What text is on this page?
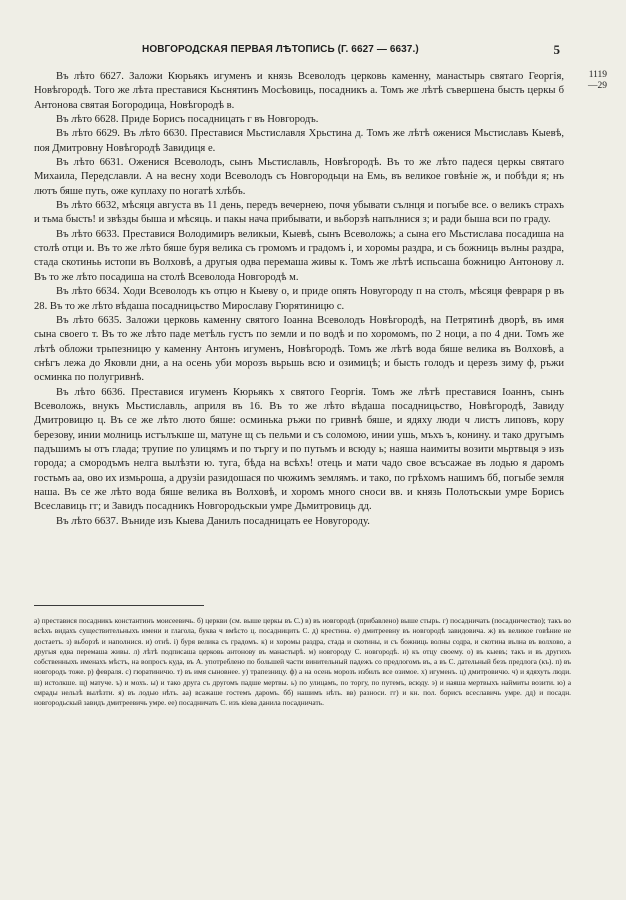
НОВГОРОДСКАЯ ПЕРВАЯ ЛѢТОПИСЬ (Г. 6627 — 6637.)	5
1119
—29

Въ лѣто 6627. Заложи Кюрьякъ игуменъ и князь Всеволодъ церковь каменну, манастырь святаго Георгія, Новѣгородѣ. Того же лѣта преставися Кьснятинъ Мосѣовиць, посадникъ а. Томъ же лѣтѣ съвершена бысть церкы б Антонова святая Богородица, Новѣгородѣ в.

Въ лѣто 6628. Приде Борисъ посадницать г въ Новгородъ.

Въ лѣто 6629. Въ лѣто 6630. Преставися Мьстиславля Хрьстина д. Томъ же лѣтѣ оженися Мьстиславъ Кыевѣ, поя Дмитровну Новѣгородѣ Завидиця е.

Въ лѣто 6631. Оженися Всеволодъ, сынъ Мьстиславль, Новѣгородѣ. Въ то же лѣто падеся церкы святаго Михаила, Передславли. А на весну ходи Всеволодъ съ Новгородьци на Емь, въ великое говѣніе ж, и побѣди я; нъ лютъ бяше путь, оже куплаху по ногатѣ хлѣбъ.

Въ лѣто 6632, мѣсяця августа въ 11 день, передъ вечернею, почя убывати сълнця и погыбе все. о великъ страхъ и тьма бысть! и звѣзды быша и мѣсяць. и пакы нача прибывати, и вьборзѣ напълнися з; и ради быша вси по граду.

Въ лѣто 6633. Преставися Володимиръ великыи, Кыевѣ, сынъ Всеволожь; а сына его Мьстислава посадиша на столѣ отци и. Въ то же лѣто бяше буря велика съ громомъ и градомъ і, и хоромы раздра, и съ божниць вълны раздра, стада скотиньь истопи въ Волховѣ, а другыя одва перемаша живы к. Томъ же лѣтѣ испьсаша божницю Антонову л. Въ то же лѣто посадиша на столѣ Всеволода Новгородѣ м.

Въ лѣто 6634. Ходи Всеволодъ къ отцю н Кыеву о, и приде опять Новугороду п на столъ, мѣсяця февраря р въ 28. Въ то же лѣто вѣдаша посадницьство Мирославу Гюрятиницю с.

Въ лѣто 6635. Заложи церковь каменну святого Іоанна Всеволодъ Новѣгородѣ, на Петрятинѣ дворѣ, въ имя сына своего т. Въ то же лѣто паде метѣль густъ по земли и по водѣ и по хоромомъ, по 2 ноци, а по 4 дни. Томъ же лѣтѣ обложи трьпезницю у каменну Антонъ игуменъ, Новѣгородѣ. Томъ же лѣтѣ вода бяше велика въ Волховѣ, а снѣгъ лежа до Яковли дни, а на осень уби морозъ вьрьшь всю и озимицѣ; и бысть голодъ и церезъ зиму ф, ръжи осминка по полугривнѣ.

Въ лѣто 6636. Преставися игуменъ Кюрьякъ х святого Георгія. Томъ же лѣтѣ преставися Іоаннъ, сынъ Всеволожь, внукъ Мьстиславль, априля въ 16. Въ то же лѣто вѣдаша посадницьство, Новѣгородѣ, Завиду Дмитровицю ц. Въ се же лѣто люто бяше: осминька ръжи по гривнѣ бяше, и ядяху люди ч листъ липовъ, кору березову, инии молниць истълъкше ш, матуне щ съ пельми и съ соломою, инии ушь, мъхъ ъ, конину. и тако другымъ падъшимъ ы отъ глада; трупие по улицямъ и по търгу и по путьмъ и всюду ь; наяша наимиты возити мьртвьця э изъ города; а смородъмъ нелга вылѣзти ю. туга, бѣда на всѣхъ! отець и мати чадо свое всъсажае въ лодью я даромъ гостьмъ аа, ово их измьроша, а друзіи разидошася по чюжимъ землямъ. и тако, по грѣхомъ нашимъ бб, погыбе земля наша. Въ се же лѣто вода бяше велика въ Волховѣ, и хоромъ много сноси вв. и князь Полотьскыи умре Борисъ Всеславиць гг; и Завидъ посадникъ Новгородьскыи умре Дьмитровиць дд.

Въ лѣто 6637. Въниде изъ Кыева Данилъ посадницать ее Новугороду.

а) преставися посадникъ константинъ моисеевичь. б) церкви (см. выше церкы въ С.) в) въ новгородѣ (прибавлено) выше стырь. г) посадничать (посадничество); такъ во всѣхъ видахъ существительныхъ имени и глагола, буква ч вмѣсто ц. посадницить С. д) крестина. е) дмитреевну въ новгородѣ завидовича. ж) въ великое говѣние не достаетъ. з) вьборзѣ и наполнися. и) отнѣ. і) буря велика съ градомъ. к) и хоромы раздра, стада и скотины, и съ божниць волны содра, и скотина вълна въ волхово, а другыя едва перемаша живы. л) лѣтѣ подписаша церковь антонову въ манастырѣ. м) новгороду С. новгородѣ. н) къ отцу своему. о) въ кыевъ; такъ и въ другихъ собственныхъ именахъ мѣстъ, на вопросъ куда, въ А. употреблено по большей части винительный падежъ со предлогомъ въ, а въ С. дательный безъ предлога (къ). п) въ новгородъ тоже. р) февраля. с) гюратиничю. т) въ имя сыновнее. у) трапезницу. ф) а на осень морозъ избилъ все озимое. х) игуменъ. ц) дмитровичю. ч) и ядяхуть люди. ш) истолкше. щ) матуче. ъ) и мохъ. ы) и тако друга съ другомъ падше мертвы. ь) по улицамъ, по торгу, по путемъ, всюду. э) и наяша мертвыхъ наймиты возити. ю) а смрады нельзѣ вылѣзти. я) въ лодью нѣть. аа) всажаше гостемъ даромъ. бб) нашимъ нѣть. вв) разноси. гг) и кн. пол. борисъ всеславичь умре. дд) и посадн. новгородьскый завидъ дмитреевичь умре. ее) посадничать С. изъ кіева данила посадничать.
